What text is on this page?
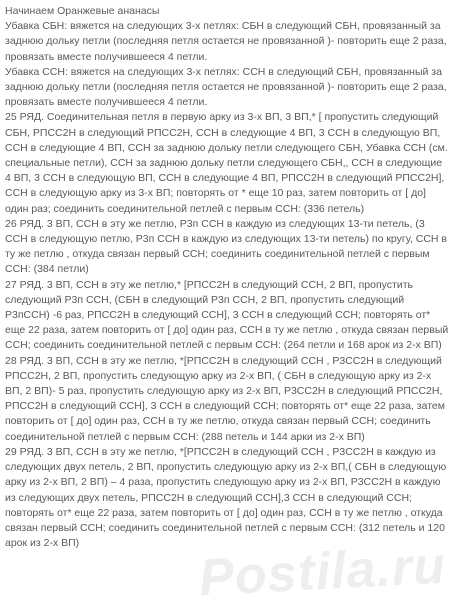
Начинаем Оранжевые ананасы

Убавка СБН: вяжется на следующих 3-х петлях: СБН в следующий СБН, провязанный за заднюю дольку петли (последняя петля остается не провязанной )- повторить еще 2 раза, провязать вместе получившееся 4 петли.

Убавка ССН: вяжется на следующих 3-х петлях: ССН в следующий СБН, провязанный за заднюю дольку петли (последняя петля остается не провязанной )- повторить еще 2 раза, провязать вместе получившееся 4 петли.

25 РЯД. Соединительная петля в первую арку из 3-х ВП, 3 ВП,* [ пропустить следующий СБН, РПСС2Н в следующий РПСС2Н, ССН в следующие 4 ВП, 3 ССН в следующую ВП, ССН в следующие 4 ВП, ССН за заднюю дольку петли следующего СБН, Убавка ССН (см. специальные петли), ССН за заднюю дольку петли следующего СБН,, ССН в следующие 4 ВП, 3 ССН в следующую ВП, ССН в следующие 4 ВП, РПСС2Н в следующий РПСС2Н], ССН в следующую арку из 3-х ВП; повторять от * еще 10 раз, затем повторить от [ до] один раз; соединить соединительной петлей с первым ССН: (336 петель)

26 РЯД. 3 ВП, ССН в эту же петлю, Р3п ССН в каждую из следующих 13-ти петель, (3 ССН в следующую петлю, Р3п ССН в каждую из следующих 13-ти петель) по кругу, ССН в ту же петлю , откуда связан первый ССН; соединить соединительной петлей с первым ССН: (384 петли)

27 РЯД. 3 ВП, ССН в эту же петлю,* [РПСС2Н в следующий ССН, 2 ВП, пропустить следующий Р3п ССН, (СБН в следующий Р3п ССН, 2 ВП, пропустить следующий Р3пССН) -6 раз, РПСС2Н в следующий ССН], 3 ССН в следующий ССН; повторять от* еще 22 раза, затем повторить от [ до] один раз, ССН в ту же петлю , откуда связан первый ССН; соединить соединительной петлей с первым ССН: (264 петли и 168 арок из 2-х ВП)

28 РЯД. 3 ВП, ССН в эту же петлю, *[РПСС2Н в следующий ССН , Р3СС2Н в следующий РПСС2Н, 2 ВП, пропустить следующую арку из 2-х ВП, ( СБН в следующую арку из 2-х ВП, 2 ВП)- 5 раз, пропустить следующую арку из 2-х ВП, Р3СС2Н в следующий РПСС2Н, РПСС2Н в следующий ССН], 3 ССН в следующий ССН; повторять от* еще 22 раза, затем повторить от [ до] один раз, ССН в ту же петлю, откуда связан первый ССН; соединить соединительной петлей с первым ССН: (288 петель и 144 арки из 2-х ВП)

29 РЯД. 3 ВП, ССН в эту же петлю, *[РПСС2Н в следующий ССН , Р3СС2Н в каждую из следующих двух петель, 2 ВП, пропустить следующую арку из 2-х ВП,( СБН в следующую арку из 2-х ВП, 2 ВП) – 4 раза, пропустить следующую арку из 2-х ВП, Р3СС2Н в каждую из следующих двух петель, РПСС2Н в следующий ССН],3 ССН в следующий ССН; повторять от* еще 22 раза, затем повторить от [ до] один раз, ССН в ту же петлю , откуда связан первый ССН; соединить соединительной петлей с первым ССН: (312 петель и 120 арок из 2-х ВП)	Postila.ru
